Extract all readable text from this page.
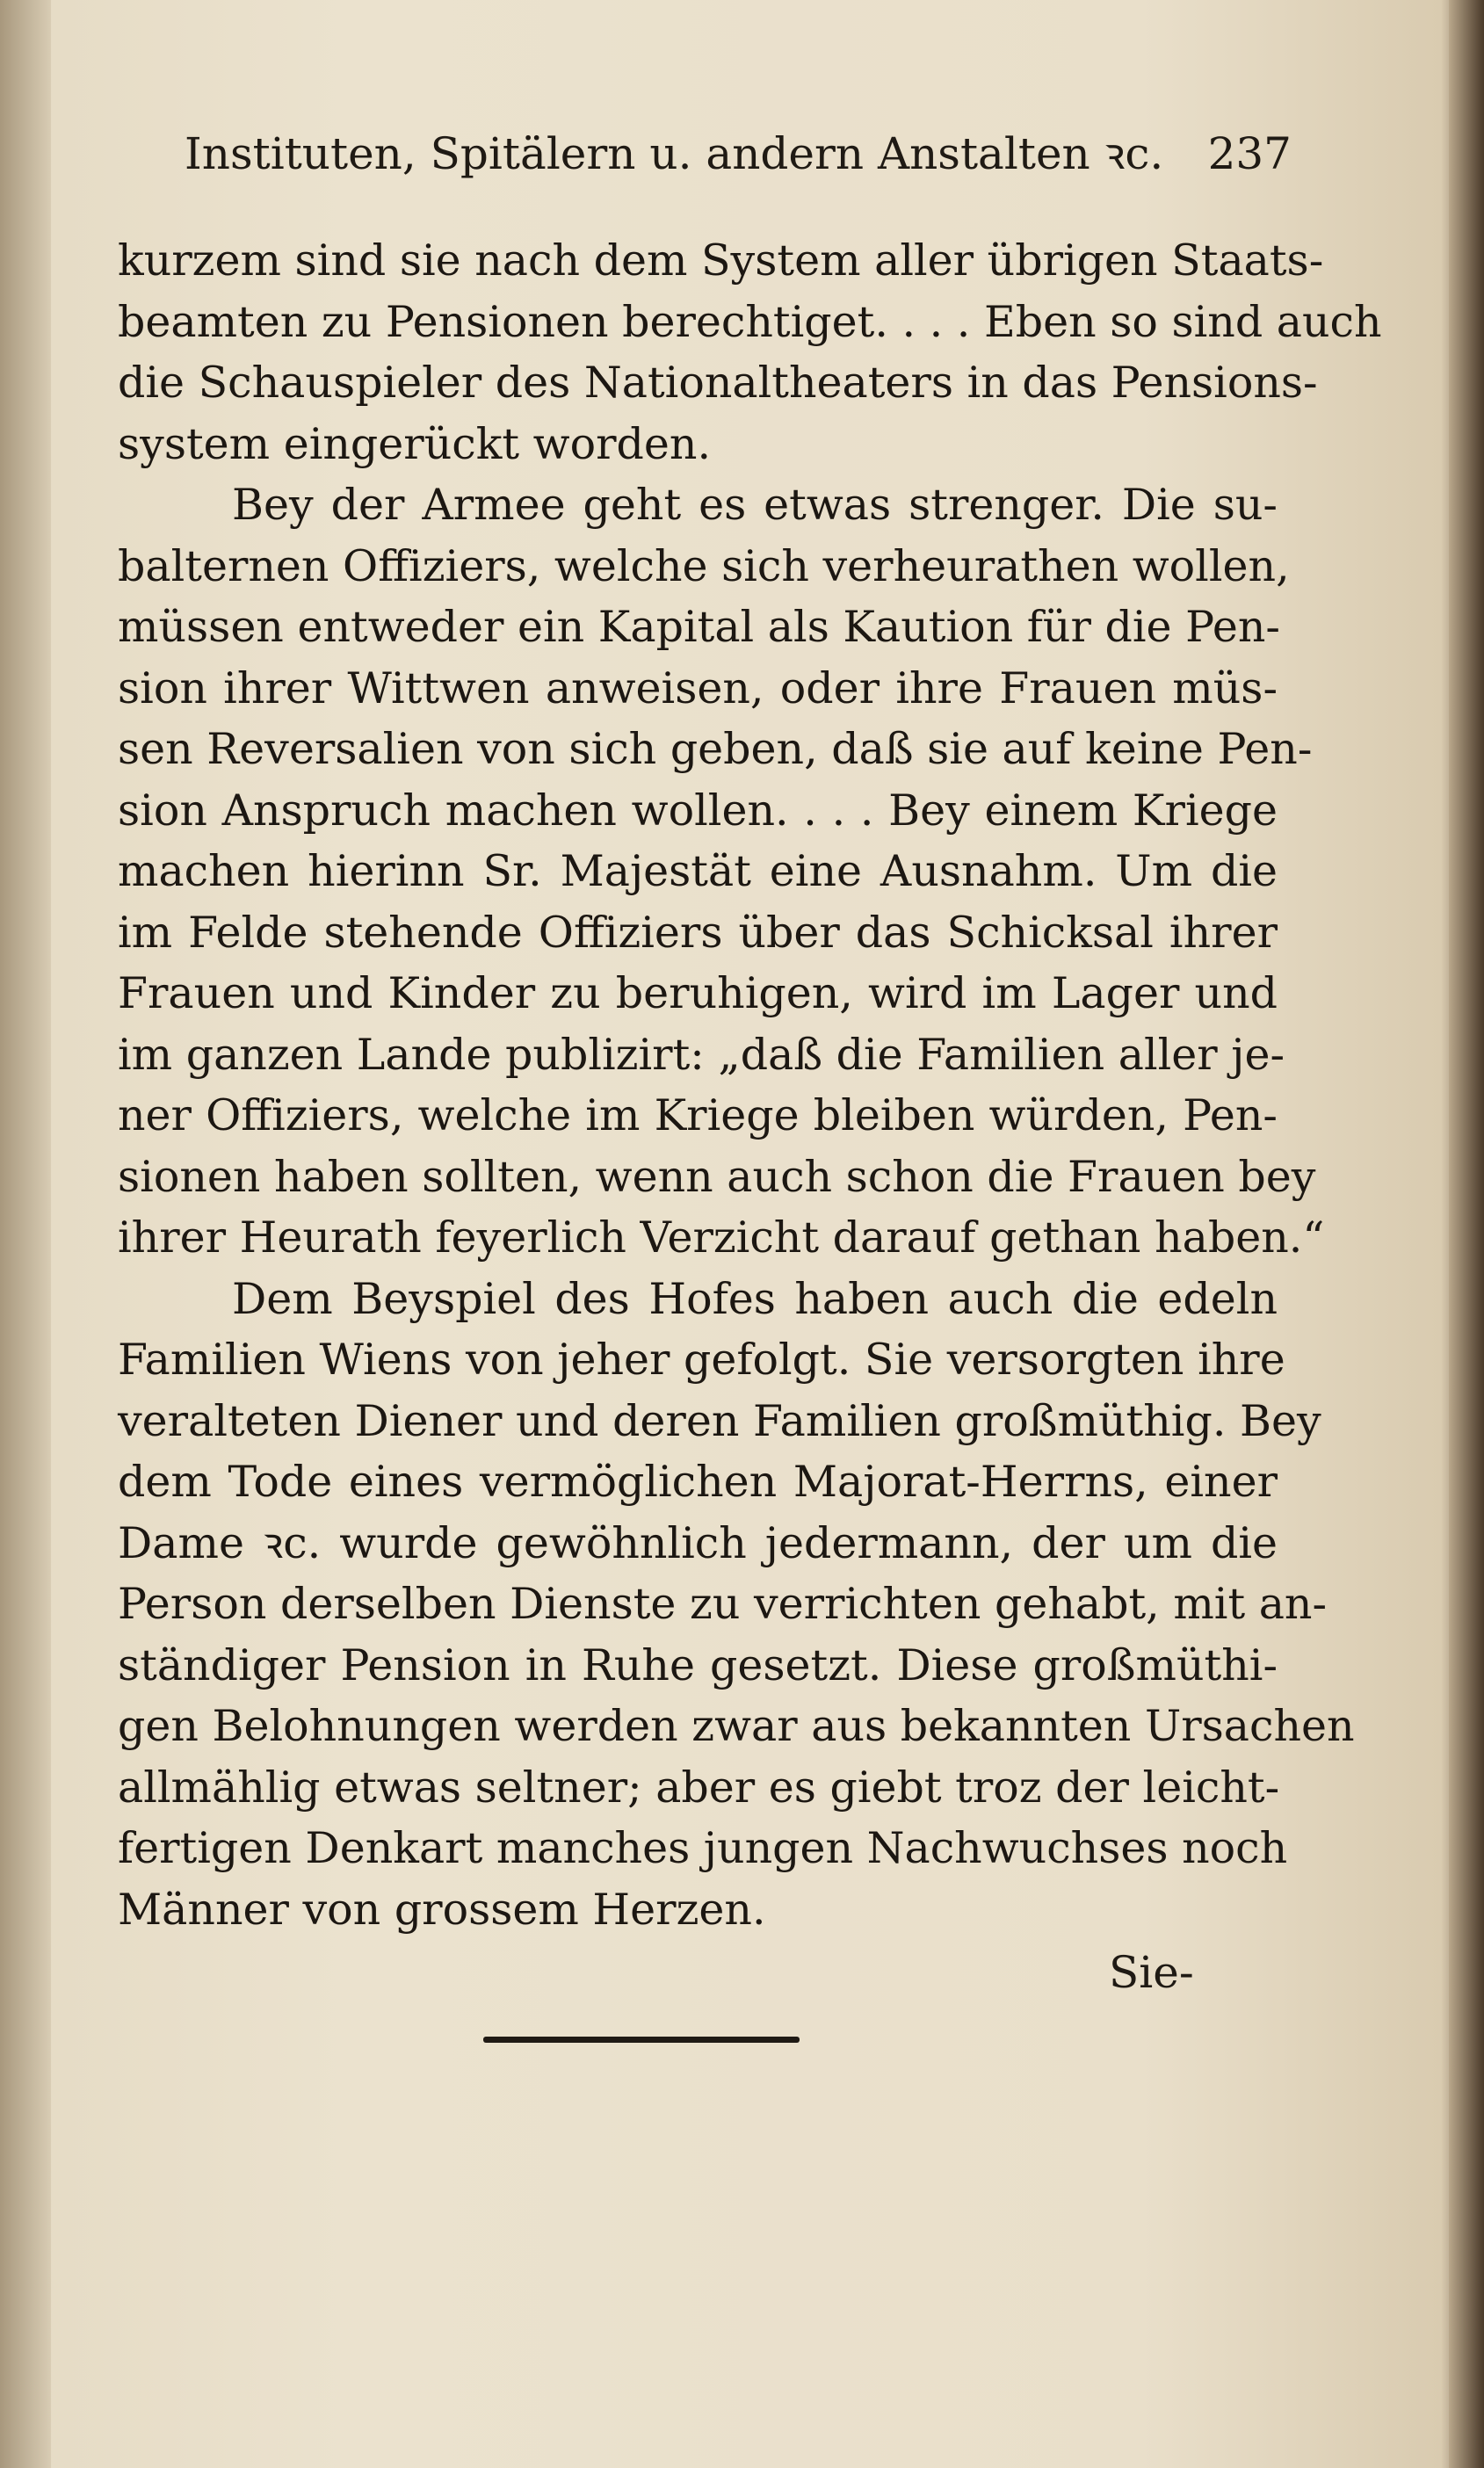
Instituten, Spitälern u. andern Anstalten ꝛc. 237
kurzem sind sie nach dem System aller übrigen Staats-
beamten zu Pensionen berechtiget. . . . Eben so sind auch
die Schauspieler des Nationaltheaters in das Pensions-
system eingerückt worden.
Bey der Armee geht es etwas strenger. Die su-
balternen Offiziers, welche sich verheurathen wollen,
müssen entweder ein Kapital als Kaution für die Pen-
sion ihrer Wittwen anweisen, oder ihre Frauen müs-
sen Reversalien von sich geben, daß sie auf keine Pen-
sion Anspruch machen wollen. . . . Bey einem Kriege
machen hierinn Sr. Majestät eine Ausnahm. Um die
im Felde stehende Offiziers über das Schicksal ihrer
Frauen und Kinder zu beruhigen, wird im Lager und
im ganzen Lande publizirt: „daß die Familien aller je-
ner Offiziers, welche im Kriege bleiben würden, Pen-
sionen haben sollten, wenn auch schon die Frauen bey
ihrer Heurath feyerlich Verzicht darauf gethan haben.“
Dem Beyspiel des Hofes haben auch die edeln
Familien Wiens von jeher gefolgt. Sie versorgten ihre
veralteten Diener und deren Familien großmüthig. Bey
dem Tode eines vermöglichen Majorat-Herrns, einer
Dame ꝛc. wurde gewöhnlich jedermann, der um die
Person derselben Dienste zu verrichten gehabt, mit an-
ständiger Pension in Ruhe gesetzt. Diese großmüthi-
gen Belohnungen werden zwar aus bekannten Ursachen
allmählig etwas seltner; aber es giebt troz der leicht-
fertigen Denkart manches jungen Nachwuchses noch
Männer von grossem Herzen.
Sie-
